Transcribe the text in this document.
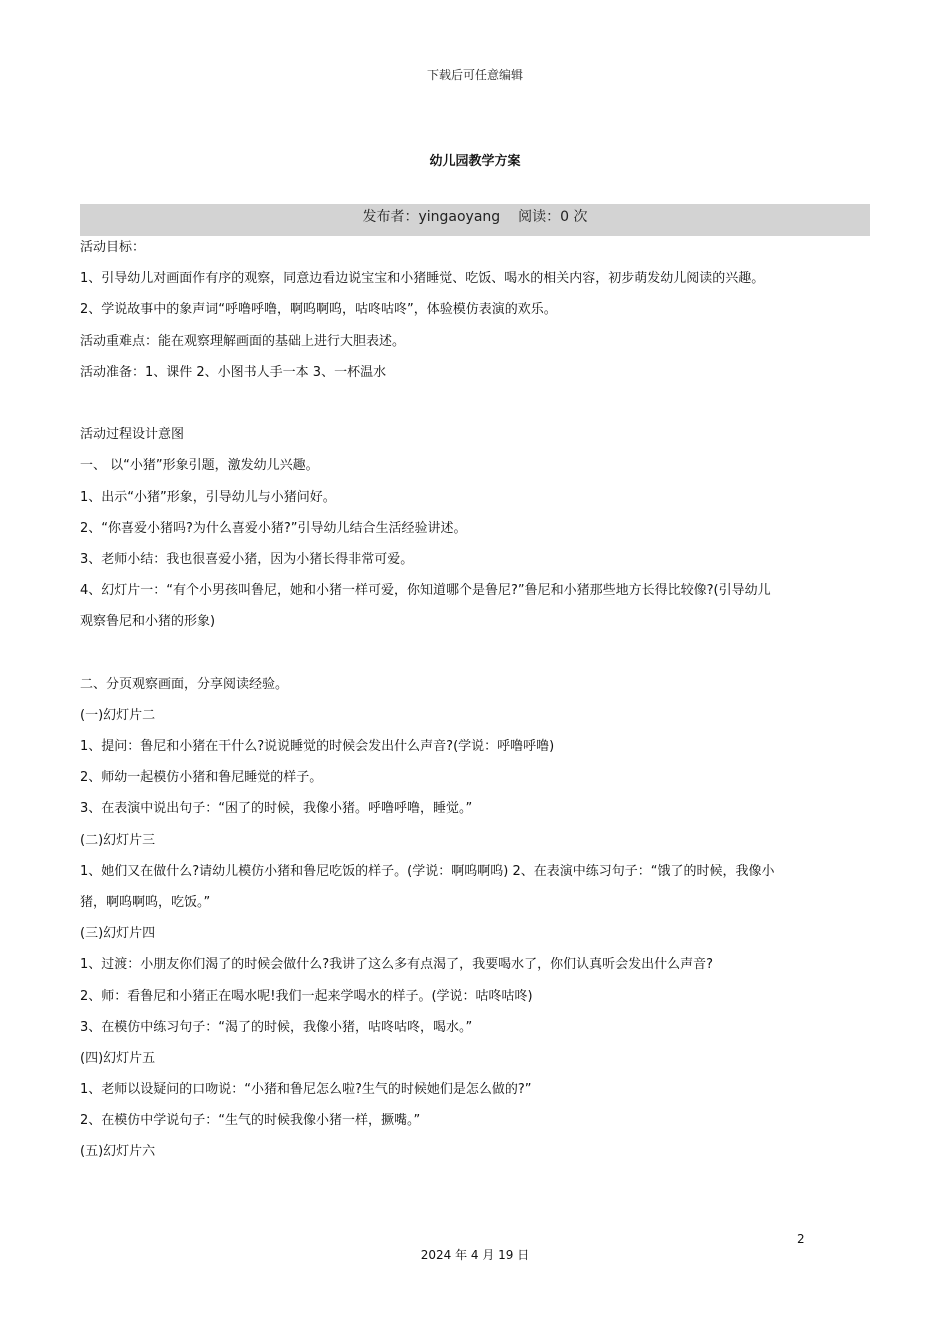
下载后可任意编辑
幼儿园教学方案
发布者：yingaoyang 阅读：0 次
活动目标：
1、引导幼儿对画面作有序的观察，同意边看边说宝宝和小猪睡觉、吃饭、喝水的相关内容，初步萌发幼儿阅读的兴趣。
2、学说故事中的象声词“呼噜呼噜，啊呜啊呜，咕咚咕咚”，体验模仿表演的欢乐。
活动重难点：能在观察理解画面的基础上进行大胆表述。
活动准备：1、课件 2、小图书人手一本 3、一杯温水
活动过程设计意图
一、 以“小猪”形象引题，激发幼儿兴趣。
1、出示“小猪”形象，引导幼儿与小猪问好。
2、“你喜爱小猪吗?为什么喜爱小猪?”引导幼儿结合生活经验讲述。
3、老师小结：我也很喜爱小猪，因为小猪长得非常可爱。
4、幻灯片一：“有个小男孩叫鲁尼，她和小猪一样可爱，你知道哪个是鲁尼?”鲁尼和小猪那些地方长得比较像?(引导幼儿
观察鲁尼和小猪的形象)
二、分页观察画面，分享阅读经验。
(一)幻灯片二
1、提问：鲁尼和小猪在干什么?说说睡觉的时候会发出什么声音?(学说：呼噜呼噜)
2、师幼一起模仿小猪和鲁尼睡觉的样子。
3、在表演中说出句子：“困了的时候，我像小猪。呼噜呼噜，睡觉。”
(二)幻灯片三
1、她们又在做什么?请幼儿模仿小猪和鲁尼吃饭的样子。(学说：啊呜啊呜) 2、在表演中练习句子：“饿了的时候，我像小
猪，啊呜啊呜，吃饭。”
(三)幻灯片四
1、过渡：小朋友你们渴了的时候会做什么?我讲了这么多有点渴了，我要喝水了，你们认真听会发出什么声音?
2、师：看鲁尼和小猪正在喝水呢!我们一起来学喝水的样子。(学说：咕咚咕咚)
3、在模仿中练习句子：“渴了的时候，我像小猪，咕咚咕咚，喝水。”
(四)幻灯片五
1、老师以设疑问的口吻说：“小猪和鲁尼怎么啦?生气的时候她们是怎么做的?”
2、在模仿中学说句子：“生气的时候我像小猪一样，撅嘴。”
(五)幻灯片六
2
2024 年 4 月 19 日
